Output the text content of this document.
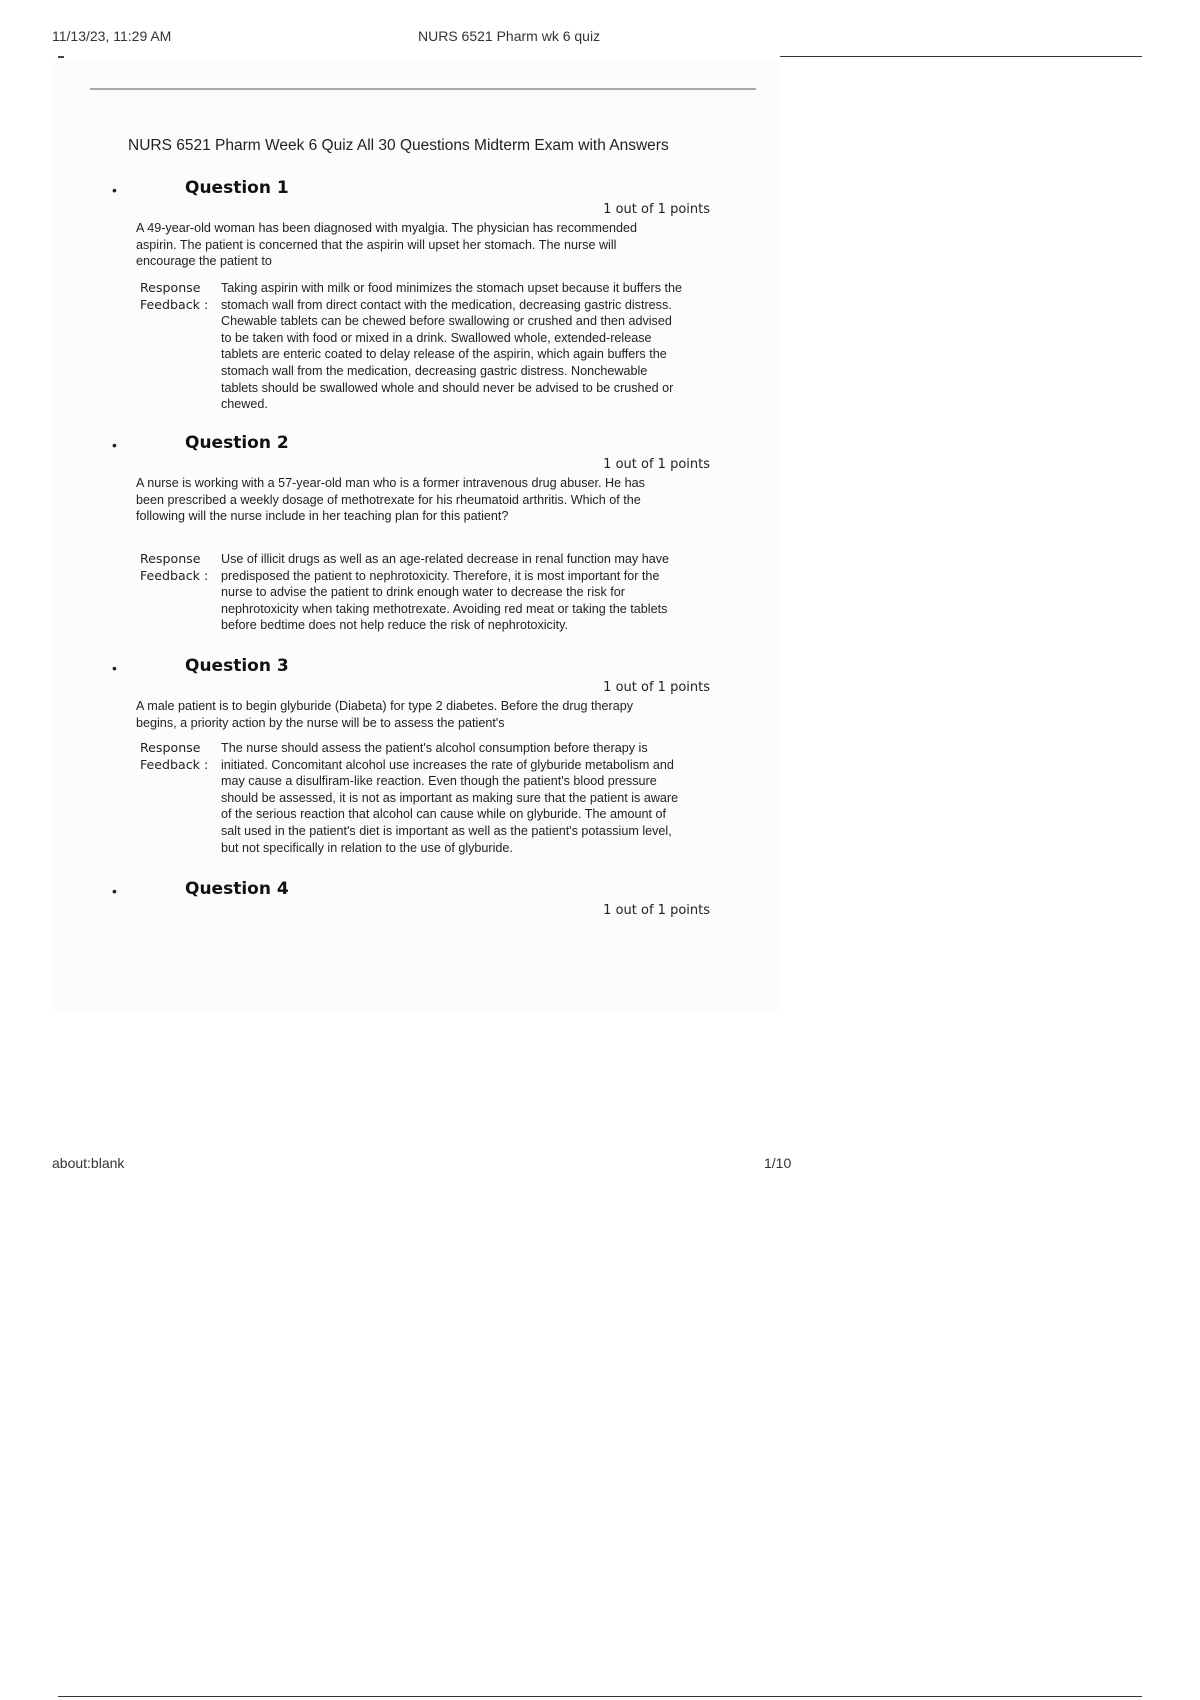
11/13/23, 11:29 AM	NURS 6521 Pharm wk 6 quiz
NURS 6521 Pharm Week 6 Quiz All 30 Questions Midterm Exam with Answers
•	Question 1
1 out of 1 points
A 49-year-old woman has been diagnosed with myalgia. The physician has recommended aspirin. The patient is concerned that the aspirin will upset her stomach. The nurse will encourage the patient to
Response Feedback :
Taking aspirin with milk or food minimizes the stomach upset because it buffers the stomach wall from direct contact with the medication, decreasing gastric distress. Chewable tablets can be chewed before swallowing or crushed and then advised to be taken with food or mixed in a drink. Swallowed whole, extended-release tablets are enteric coated to delay release of the aspirin, which again buffers the stomach wall from the medication, decreasing gastric distress. Nonchewable tablets should be swallowed whole and should never be advised to be crushed or chewed.
•	Question 2
1 out of 1 points
A nurse is working with a 57-year-old man who is a former intravenous drug abuser. He has been prescribed a weekly dosage of methotrexate for his rheumatoid arthritis. Which of the following will the nurse include in her teaching plan for this patient?
Response Feedback :
Use of illicit drugs as well as an age-related decrease in renal function may have predisposed the patient to nephrotoxicity. Therefore, it is most important for the nurse to advise the patient to drink enough water to decrease the risk for nephrotoxicity when taking methotrexate. Avoiding red meat or taking the tablets before bedtime does not help reduce the risk of nephrotoxicity.
•	Question 3
1 out of 1 points
A male patient is to begin glyburide (Diabeta) for type 2 diabetes. Before the drug therapy begins, a priority action by the nurse will be to assess the patient's
Response Feedback :
The nurse should assess the patient's alcohol consumption before therapy is initiated. Concomitant alcohol use increases the rate of glyburide metabolism and may cause a disulfiram-like reaction. Even though the patient's blood pressure should be assessed, it is not as important as making sure that the patient is aware of the serious reaction that alcohol can cause while on glyburide. The amount of salt used in the patient's diet is important as well as the patient's potassium level, but not specifically in relation to the use of glyburide.
•	Question 4
1 out of 1 points
about:blank	1/10
